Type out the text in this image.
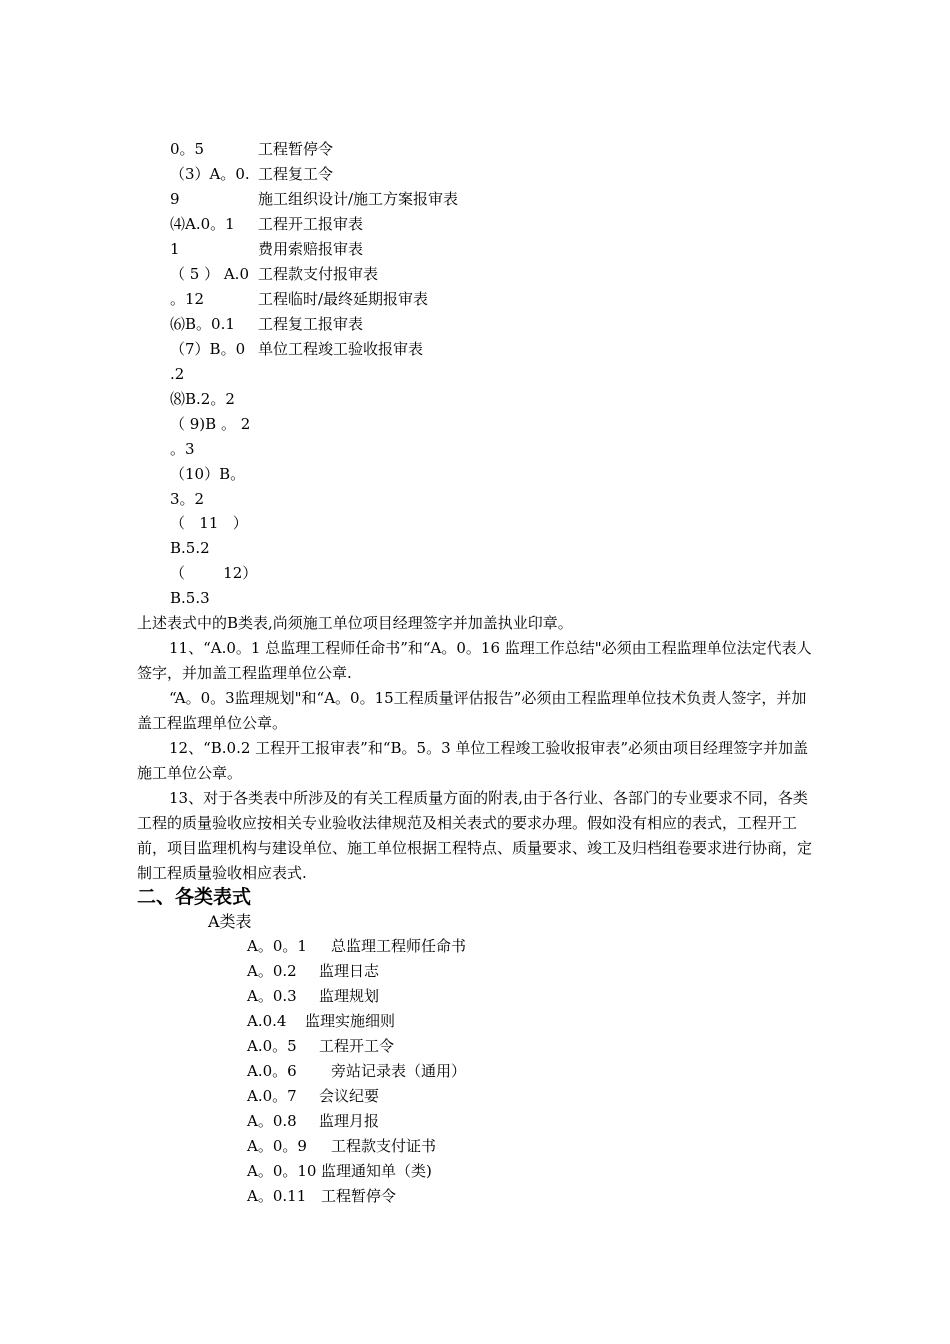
0。5
（3）A。0.
9
⑷A.0。1
1
（ 5 ） A.0
。12
⑹B。0.1
（7）B。0
.2
⑻B.2。2
（ 9)B 。 2
。3
（10）B。
3。2
（   11   ）
B.5.2
（        12）
B.5.3
工程暂停令
工程复工令
施工组织设计/施工方案报审表
工程开工报审表
费用索赔报审表
工程款支付报审表
工程临时/最终延期报审表
工程复工报审表
单位工程竣工验收报审表
上述表式中的B类表,尚须施工单位项目经理签字并加盖执业印章。
11、“A.0。1 总监理工程师任命书”和“A。0。16 监理工作总结"必须由工程监理单位法定代表人签字，并加盖工程监理单位公章.
“A。0。3监理规划"和“A。0。15工程质量评估报告”必须由工程监理单位技术负责人签字，并加盖工程监理单位公章。
12、“B.0.2 工程开工报审表”和“B。5。3 单位工程竣工验收报审表”必须由项目经理签字并加盖施工单位公章。
13、对于各类表中所涉及的有关工程质量方面的附表,由于各行业、各部门的专业要求不同，各类工程的质量验收应按相关专业验收法律规范及相关表式的要求办理。假如没有相应的表式，工程开工前，项目监理机构与建设单位、施工单位根据工程特点、质量要求、竣工及归档组卷要求进行协商，定制工程质量验收相应表式.
二、各类表式
A类表
A。0。1 总监理工程师任命书
A。0.2 监理日志
A。0.3 监理规划
A.0.4 监理实施细则
A.0。5 工程开工令
A.0。6 旁站记录表（通用）
A.0。7 会议纪要
A。0.8 监理月报
A。0。9 工程款支付证书
A。0。10 监理通知单（类)
A。0.11 工程暂停令
